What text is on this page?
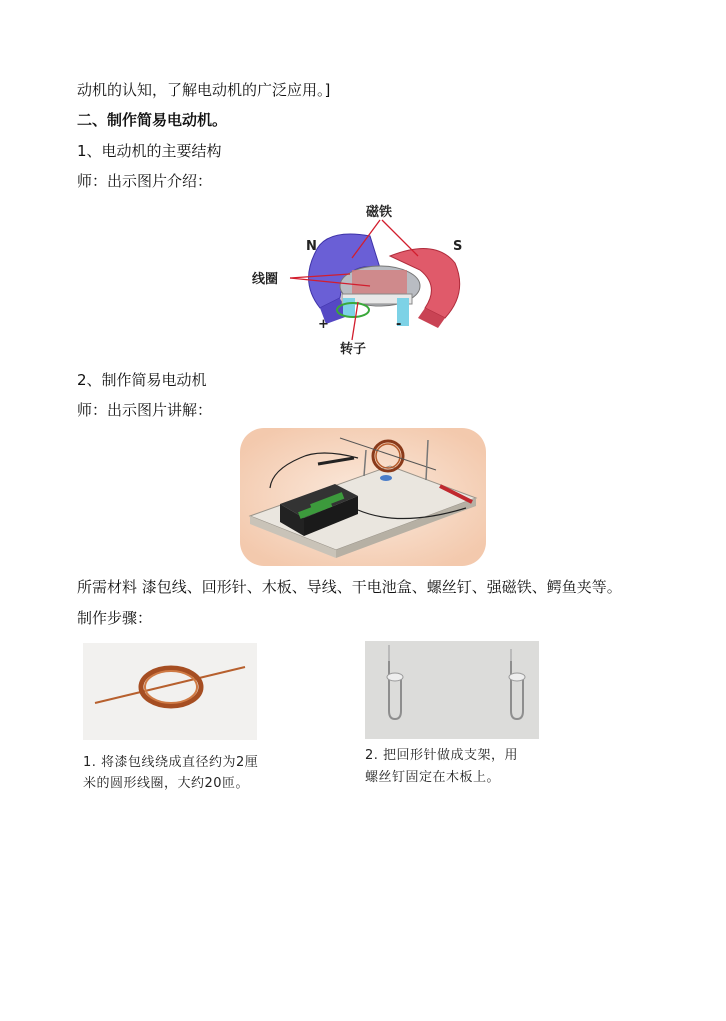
动机的认知，了解电动机的广泛应用。]
二、制作简易电动机。
1、电动机的主要结构
师：出示图片介绍：
磁铁
N	S
线圈
转子
+	-
2、制作简易电动机
师：出示图片讲解：
所需材料 漆包线、回形针、木板、导线、干电池盒、螺丝钉、强磁铁、鳄鱼夹等。
制作步骤：
1. 将漆包线绕成直径约为2厘
米的圆形线圈，大约20匝。
2. 把回形针做成支架，用
螺丝钉固定在木板上。
